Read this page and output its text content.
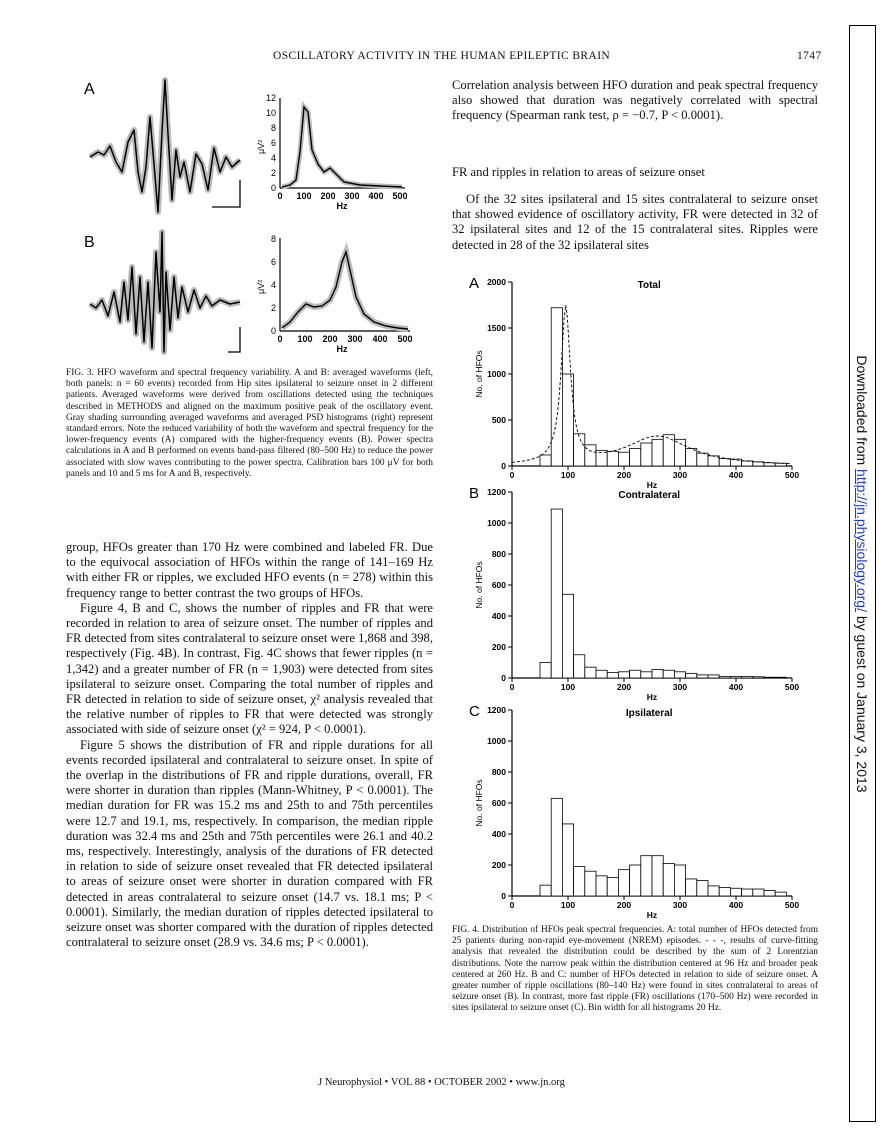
OSCILLATORY ACTIVITY IN THE HUMAN EPILEPTIC BRAIN	1747
A
B
0
2
4
6
8
10
12
μV²
0 100 200 300 400 500
Hz
0
2
4
6
8
μV²
0 100 200 300 400 500
Hz
FIG. 3. HFO waveform and spectral frequency variability. A and B: averaged waveforms (left, both panels: n = 60 events) recorded from Hip sites ipsilateral to seizure onset in 2 different patients. Averaged waveforms were derived from oscillations detected using the techniques described in METHODS and aligned on the maximum positive peak of the oscillatory event. Gray shading surrounding averaged waveforms and averaged PSD histograms (right) represent standard errors. Note the reduced variability of both the waveform and spectral frequency for the lower-frequency events (A) compared with the higher-frequency events (B). Power spectra calculations in A and B performed on events band-pass filtered (80–500 Hz) to reduce the power associated with slow waves contributing to the power spectra. Calibration bars 100 μV for both panels and 10 and 5 ms for A and B, respectively.

group, HFOs greater than 170 Hz were combined and labeled FR. Due to the equivocal association of HFOs within the range of 141–169 Hz with either FR or ripples, we excluded HFO events (n = 278) within this frequency range to better contrast the two groups of HFOs.

Figure 4, B and C, shows the number of ripples and FR that were recorded in relation to area of seizure onset. The number of ripples and FR detected from sites contralateral to seizure onset were 1,868 and 398, respectively (Fig. 4B). In contrast, Fig. 4C shows that fewer ripples (n = 1,342) and a greater number of FR (n = 1,903) were detected from sites ipsilateral to seizure onset. Comparing the total number of ripples and FR detected in relation to side of seizure onset, χ² analysis revealed that the relative number of ripples to FR that were detected was strongly associated with side of seizure onset (χ² = 924, P < 0.0001).

Figure 5 shows the distribution of FR and ripple durations for all events recorded ipsilateral and contralateral to seizure onset. In spite of the overlap in the distributions of FR and ripple durations, overall, FR were shorter in duration than ripples (Mann-Whitney, P < 0.0001). The median duration for FR was 15.2 ms and 25th to and 75th percentiles were 12.7 and 19.1, ms, respectively. In comparison, the median ripple duration was 32.4 ms and 25th and 75th percentiles were 26.1 and 40.2 ms, respectively. Interestingly, analysis of the durations of FR detected in relation to side of seizure onset revealed that FR detected ipsilateral to areas of seizure onset were shorter in duration compared with FR detected in areas contralateral to seizure onset (14.7 vs. 18.1 ms; P < 0.0001). Similarly, the median duration of ripples detected ipsilateral to seizure onset was shorter compared with the duration of ripples detected contralateral to seizure onset (28.9 vs. 34.6 ms; P < 0.0001).

Correlation analysis between HFO duration and peak spectral frequency also showed that duration was negatively correlated with spectral frequency (Spearman rank test, ρ = −0.7, P < 0.0001).

FR and ripples in relation to areas of seizure onset

Of the 32 sites ipsilateral and 15 sites contralateral to seizure onset that showed evidence of oscillatory activity, FR were detected in 32 of 32 ipsilateral sites and 12 of the 15 contralateral sites. Ripples were detected in 28 of the 32 ipsilateral sites

A	Total
0
500
1000
1500
2000
0	100	200	300	400	500
Hz
No. of HFOs
B	Contralateral
0
200
400
600
800
1000
1200
0	100	200	300	400	500
Hz
No. of HFOs
C	Ipsilateral
0
200
400
600
800
1000
1200
0	100	200	300	400	500
Hz
No. of HFOs
FIG. 4. Distribution of HFOs peak spectral frequencies. A: total number of HFOs detected from 25 patients during non-rapid eye-movement (NREM) episodes. - - -, results of curve-fitting analysis that revealed the distribution could be described by the sum of 2 Lorentzian distributions. Note the narrow peak within the distribution centered at 96 Hz and broader peak centered at 260 Hz. B and C: number of HFOs detected in relation to side of seizure onset. A greater number of ripple oscillations (80–140 Hz) were found in sites contralateral to areas of seizure onset (B). In contrast, more fast ripple (FR) oscillations (170–500 Hz) were recorded in sites ipsilateral to seizure onset (C). Bin width for all histograms 20 Hz.
J Neurophysiol • VOL 88 • OCTOBER 2002 • www.jn.org
Downloaded from http://jn.physiology.org/ by guest on January 3, 2013
